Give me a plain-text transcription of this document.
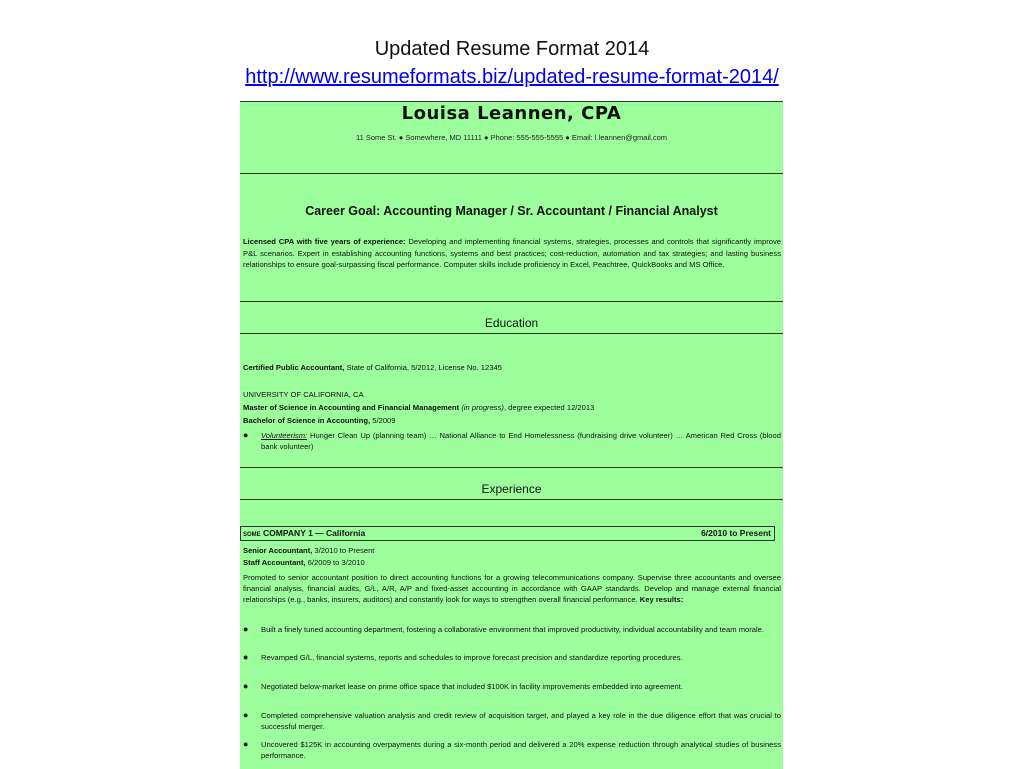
Updated Resume Format 2014
http://www.resumeformats.biz/updated-resume-format-2014/
Louisa Leannen, CPA
11 Some St. ● Somewhere, MD 11111 ● Phone: 555-555-5555 ● Email: l.leannen@gmail.com
Career Goal: Accounting Manager / Sr. Accountant / Financial Analyst
Licensed CPA with five years of experience: Developing and implementing financial systems, strategies, processes and controls that significantly improve P&L scenarios. Expert in establishing accounting functions, systems and best practices; cost-reduction, automation and tax strategies; and lasting business relationships to ensure goal-surpassing fiscal performance. Computer skills include proficiency in Excel, Peachtree, QuickBooks and MS Office.
Education
Certified Public Accountant, State of California, 5/2012, License No. 12345
UNIVERSITY OF CALIFORNIA, CA
Master of Science in Accounting and Financial Management (in progress), degree expected 12/2013
Bachelor of Science in Accounting, 5/2009
●	Volunteerism: Hunger Clean Up (planning team) … National Alliance to End Homelessness (fundraising drive volunteer) … American Red Cross (blood bank volunteer)
Experience
SOME COMPANY 1 — California	6/2010 to Present
Senior Accountant, 3/2010 to Present
Staff Accountant, 6/2009 to 3/2010
Promoted to senior accountant position to direct accounting functions for a growing telecommunications company. Supervise three accountants and oversee financial analysis, financial audits, G/L, A/R, A/P and fixed-asset accounting in accordance with GAAP standards. Develop and manage external financial relationships (e.g., banks, insurers, auditors) and constantly look for ways to strengthen overall financial performance. Key results:
●	Built a finely tuned accounting department, fostering a collaborative environment that improved productivity, individual accountability and team morale.
●	Revamped G/L, financial systems, reports and schedules to improve forecast precision and standardize reporting procedures.
●	Negotiated below-market lease on prime office space that included $100K in facility improvements embedded into agreement.
●	Completed comprehensive valuation analysis and credit review of acquisition target, and played a key role in the due diligence effort that was crucial to successful merger.
●	Uncovered $125K in accounting overpayments during a six-month period and delivered a 20% expense reduction through analytical studies of business performance.
